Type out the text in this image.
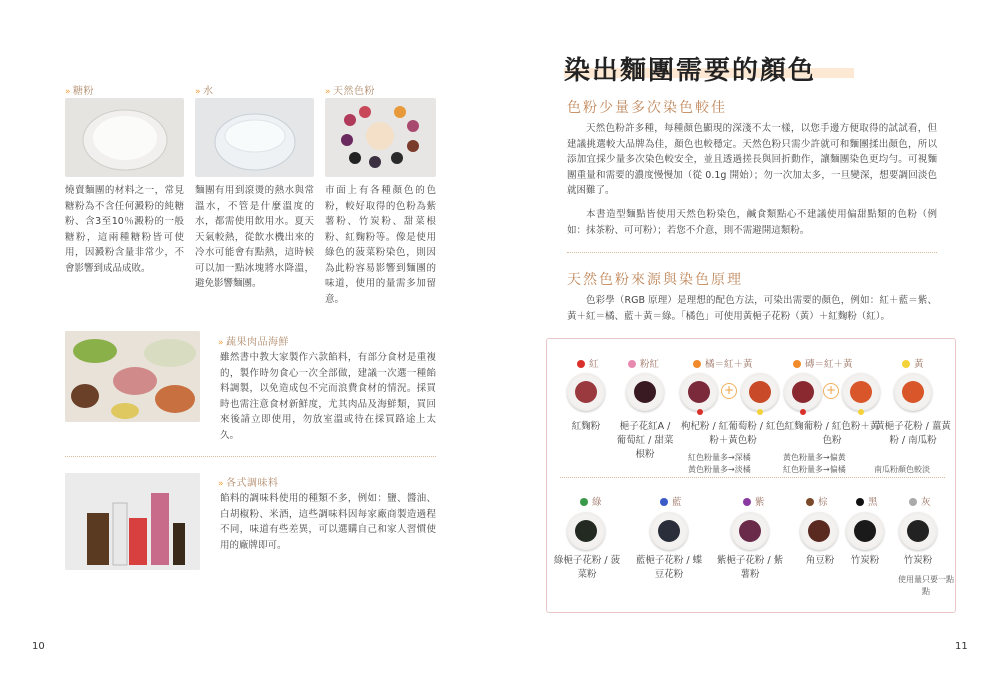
» 糖粉
燒賣麵團的材料之一，常見糖粉為不含任何澱粉的純糖粉、含3至10％澱粉的一般糖粉，這兩種糖粉皆可使用，因澱粉含量非常少，不會影響到成品成敗。
» 水
麵團有用到滾燙的熱水與常溫水，不管是什麼溫度的水，都需使用飲用水。夏天天氣較熱，從飲水機出來的冷水可能會有點熱，這時候可以加一點冰塊將水降溫，避免影響麵團。
» 天然色粉
市面上有各種顏色的色粉，較好取得的色粉為紫薯粉、竹炭粉、甜菜根粉、紅麴粉等。像是使用綠色的菠菜粉染色，則因為此粉容易影響到麵團的味道，使用的量需多加留意。
» 蔬果肉品海鮮
雖然書中教大家製作六款餡料，有部分食材是重複的，製作時勿食心一次全部做，建議一次選一種餡料調製，以免造成包不完而浪費食材的情況。採買時也需注意食材新鮮度，尤其肉品及海鮮類，買回來後請立即使用，勿放室溫或待在採買路途上太久。
» 各式調味料
餡料的調味料使用的種類不多，例如：鹽、醬油、白胡椒粉、米酒，這些調味料因每家廠商製造過程不同，味道有些差異，可以選購自己和家人習慣使用的廠牌即可。
10
染出麵團需要的顏色
色粉少量多次染色較佳
天然色粉許多種，每種顏色顯現的深淺不太一樣，以您手邊方便取得的試試看，但建議挑選較大品牌為佳，顏色也較穩定。天然色粉只需少許就可和麵團揉出顏色，所以添加宜採少量多次染色較安全，並且透過搓長與回折動作，讓麵團染色更均勻。可視麵團重量和需要的濃度慢慢加（從 0.1g 開始）；勿一次加太多，一旦變深，想要調回淡色就困難了。
本書造型麵點皆使用天然色粉染色，鹹食類點心不建議使用偏甜點類的色粉（例如：抹茶粉、可可粉）；若您不介意，則不需避開這類粉。
天然色粉來源與染色原理
色彩學（RGB 原理）是理想的配色方法，可染出需要的顏色，例如：紅＋藍＝紫、黃＋紅＝橘、藍＋黃＝綠。「橘色」可使用黃梔子花粉（黃）＋紅麴粉（紅）。
紅
紅麴粉
粉紅
梔子花紅A / 葡萄紅 / 甜菜根粉
橘＝紅＋黃
+
枸杞粉 / 紅葡萄粉 / 紅色粉＋黃色粉
紅色粉量多→深橘
黃色粉量多→淡橘
磚＝紅＋黃
+
紅麴葡粉 / 紅色粉＋黃色粉
黃色粉量多→偏黃
紅色粉量多→偏橘
黃
黃梔子花粉 / 薑黃粉 / 南瓜粉
南瓜粉顏色較淡
綠
綠梔子花粉 / 菠菜粉
藍
藍梔子花粉 / 蝶豆花粉
紫
紫梔子花粉 / 紫薯粉
棕
角豆粉
黑
竹炭粉
灰
竹炭粉
使用量只要一點點
11
